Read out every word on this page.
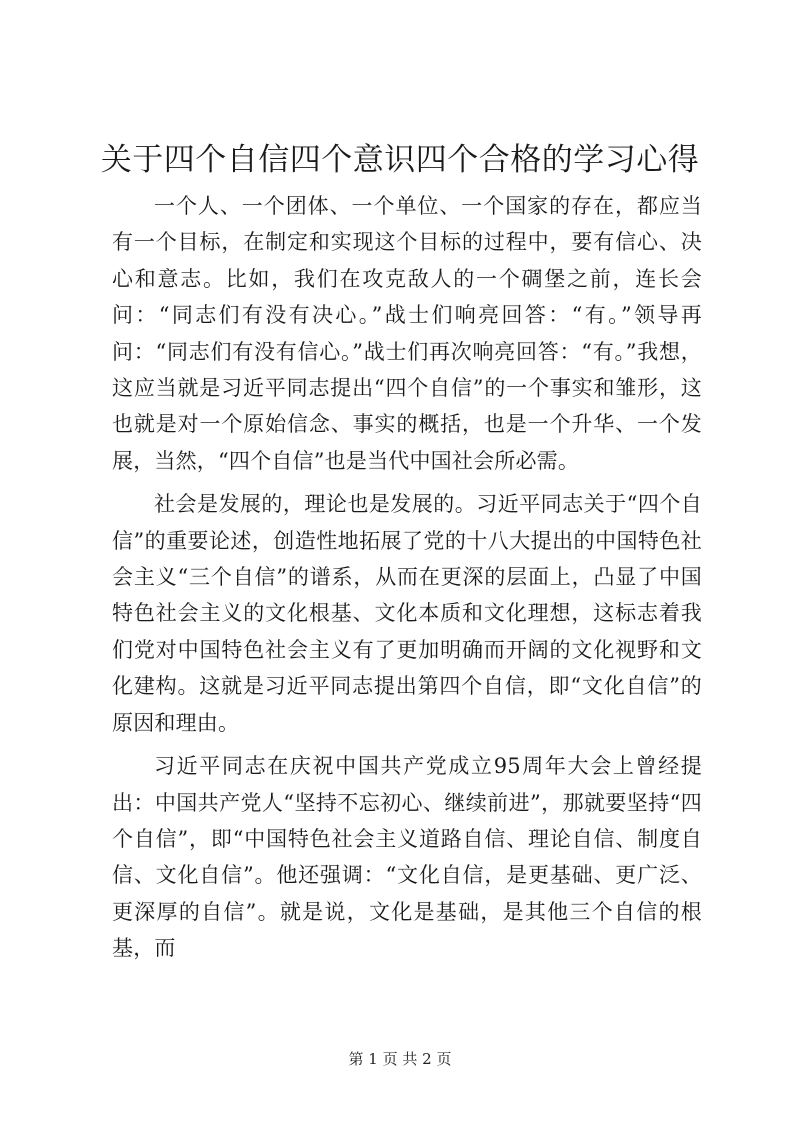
关于四个自信四个意识四个合格的学习心得

一个人、一个团体、一个单位、一个国家的存在，都应当有一个目标，在制定和实现这个目标的过程中，要有信心、决心和意志。比如，我们在攻克敌人的一个碉堡之前，连长会问：“同志们有没有决心。”战士们响亮回答：“有。”领导再问：“同志们有没有信心。”战士们再次响亮回答：“有。”我想，这应当就是习近平同志提出“四个自信”的一个事实和雏形，这也就是对一个原始信念、事实的概括，也是一个升华、一个发展，当然，“四个自信”也是当代中国社会所必需。

社会是发展的，理论也是发展的。习近平同志关于“四个自信”的重要论述，创造性地拓展了党的十八大提出的中国特色社会主义“三个自信”的谱系，从而在更深的层面上，凸显了中国特色社会主义的文化根基、文化本质和文化理想，这标志着我们党对中国特色社会主义有了更加明确而开阔的文化视野和文化建构。这就是习近平同志提出第四个自信，即“文化自信”的原因和理由。

习近平同志在庆祝中国共产党成立95周年大会上曾经提出：中国共产党人“坚持不忘初心、继续前进”，那就要坚持“四个自信”，即“中国特色社会主义道路自信、理论自信、制度自信、文化自信”。他还强调：“文化自信，是更基础、更广泛、更深厚的自信”。就是说，文化是基础，是其他三个自信的根基，而

第 1 页 共 2 页
